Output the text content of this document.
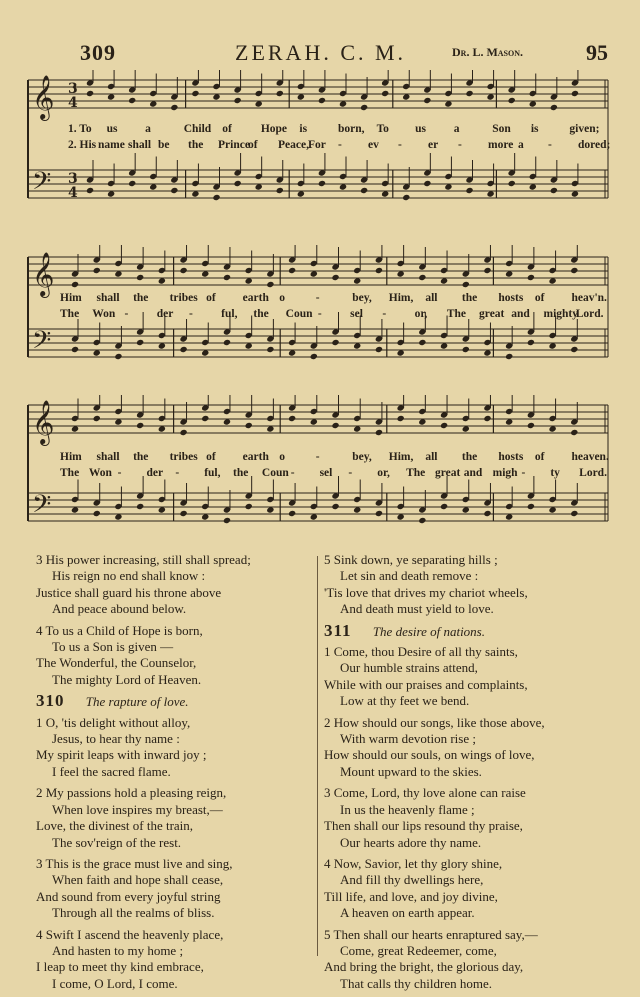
309	ZERAH. C. M.	Dr. L. Mason.	95
𝄞 3
4
𝄢 3
4
1. To us a	Child of	Hope is	born, To us a	Son is	given;
2. His name shall be the Prince
of Peace, For - ev - er - more a - dored;
𝄞
𝄢
Him shall the tribes of earth o	-	bey, Him, all the hosts of heav'n.
The Won - der - ful, the Coun - sel - or, The great and mighty
Lord.
𝄞
𝄢
Him shall the tribes of earth o	-	bey, Him, all the hosts of heaven.
The Won - der - ful, the Coun - sel - or, The great and migh - ty Lord.
3 His power increasing, still shall spread;
His reign no end shall know :
Justice shall guard his throne above
And peace abound below.
4 To us a Child of Hope is born,
To us a Son is given —
The Wonderful, the Counselor,
The mighty Lord of Heaven.
310 The rapture of love.
1 O, 'tis delight without alloy,
Jesus, to hear thy name :
My spirit leaps with inward joy ;
I feel the sacred flame.
2 My passions hold a pleasing reign,
When love inspires my breast,—
Love, the divinest of the train,
The sov'reign of the rest.
3 This is the grace must live and sing,
When faith and hope shall cease,
And sound from every joyful string
Through all the realms of bliss.
4 Swift I ascend the heavenly place,
And hasten to my home ;
I leap to meet thy kind embrace,
I come, O Lord, I come.
5 Sink down, ye separating hills ;
Let sin and death remove :
'Tis love that drives my chariot wheels,
And death must yield to love.
311 The desire of nations.
1 Come, thou Desire of all thy saints,
Our humble strains attend,
While with our praises and complaints,
Low at thy feet we bend.
2 How should our songs, like those above,
With warm devotion rise ;
How should our souls, on wings of love,
Mount upward to the skies.
3 Come, Lord, thy love alone can raise
In us the heavenly flame ;
Then shall our lips resound thy praise,
Our hearts adore thy name.
4 Now, Savior, let thy glory shine,
And fill thy dwellings here,
Till life, and love, and joy divine,
A heaven on earth appear.
5 Then shall our hearts enraptured say,—
Come, great Redeemer, come,
And bring the bright, the glorious day,
That calls thy children home.
